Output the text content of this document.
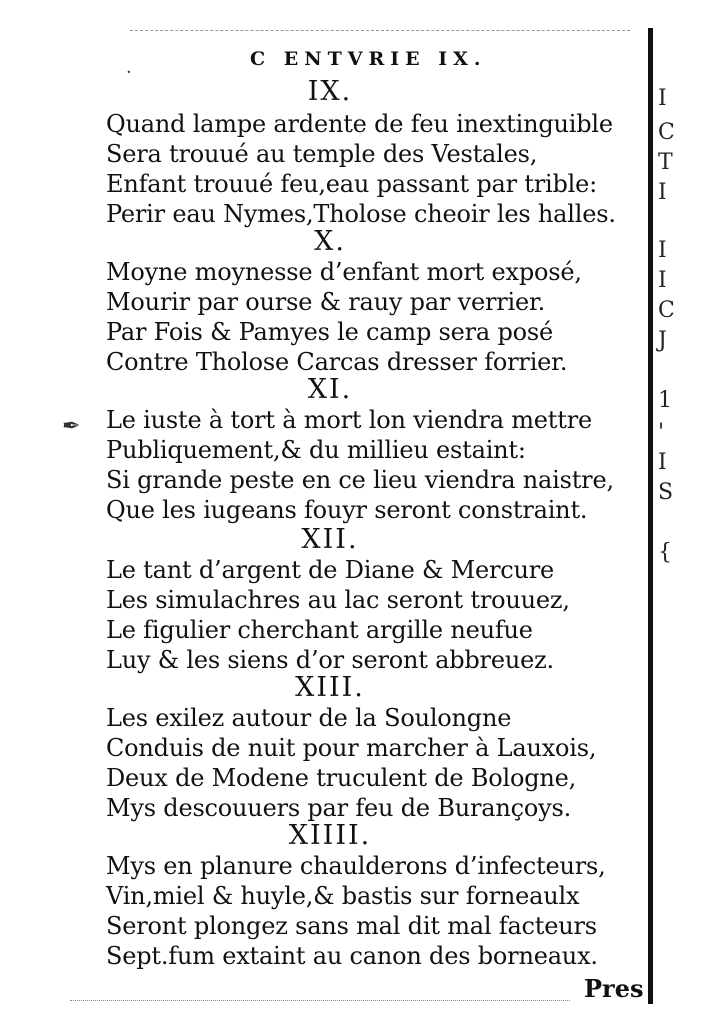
·
C ENTVRIE IX.
IX.
Quand lampe ardente de feu inextinguible
Sera trouué au temple des Vestales,
Enfant trouué feu,eau passant par trible:
Perir eau Nymes,Tholose cheoir les halles.
X.
Moyne moynesse d’enfant mort exposé,
Mourir par ourse & rauy par verrier.
Par Fois & Pamyes le camp sera posé
Contre Tholose Carcas dresser forrier.
XI.
✒ Le iuste à tort à mort lon viendra mettre
Publiquement,& du millieu estaint:
Si grande peste en ce lieu viendra naistre,
Que les iugeans fouyr seront constraint.
XII.
Le tant d’argent de Diane & Mercure
Les simulachres au lac seront trouuez,
Le figulier cherchant argille neufue
Luy & les siens d’or seront abbreuez.
XIII.
Les exilez autour de la Soulongne
Conduis de nuit pour marcher à Lauxois,
Deux de Modene truculent de Bologne,
Mys descouuers par feu de Burançoys.
XIIII.
Mys en planure chaulderons d’infecteurs,
Vin,miel & huyle,& bastis sur forneaulx
Seront plongez sans mal dit mal facteurs
Sept.fum extaint au canon des borneaux.
Pres
I
C
T
I
I
I
C
J
1
'
I
S
{
